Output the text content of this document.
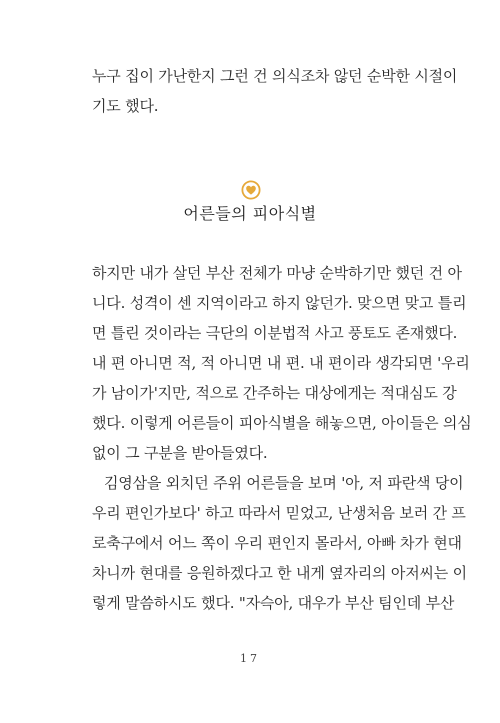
누구 집이 가난한지 그런 건 의식조차 않던 순박한 시절이
기도 했다.
어른들의 피아식별
하지만 내가 살던 부산 전체가 마냥 순박하기만 했던 건 아
니다. 성격이 센 지역이라고 하지 않던가. 맞으면 맞고 틀리
면 틀린 것이라는 극단의 이분법적 사고 풍토도 존재했다.
내 편 아니면 적, 적 아니면 내 편. 내 편이라 생각되면 '우리
가 남이가'지만, 적으로 간주하는 대상에게는 적대심도 강
했다. 이렇게 어른들이 피아식별을 해놓으면, 아이들은 의심
없이 그 구분을 받아들였다.
김영삼을 외치던 주위 어른들을 보며 '아, 저 파란색 당이
우리 편인가보다' 하고 따라서 믿었고, 난생처음 보러 간 프
로축구에서 어느 쪽이 우리 편인지 몰라서, 아빠 차가 현대
차니까 현대를 응원하겠다고 한 내게 옆자리의 아저씨는 이
렇게 말씀하시도 했다. "자슥아, 대우가 부산 팀인데 부산
17
